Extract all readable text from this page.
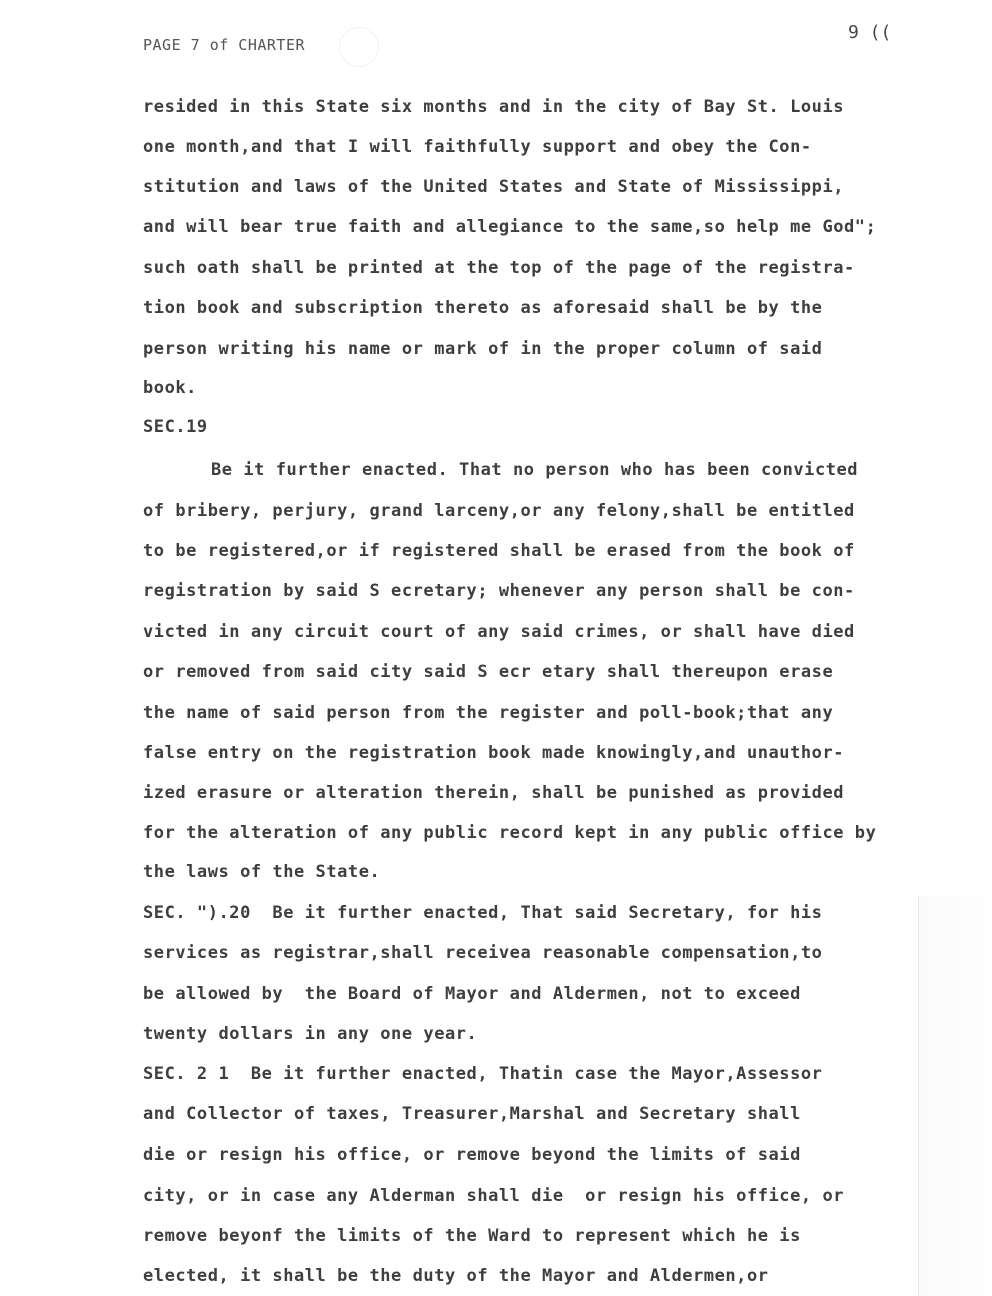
PAGE 7 of CHARTER
9 ((
resided in this State six months and in the city of Bay St. Louis
one month,and that I will faithfully support and obey the Con-
stitution and laws of the United States and State of Mississippi,
and will bear true faith and allegiance to the same,so help me God";
such oath shall be printed at the top of the page of the registra-
tion book and subscription thereto as aforesaid shall be by the
person writing his name or mark of in the proper column of said
book.
SEC.19
Be it further enacted. That no person who has been convicted
of bribery, perjury, grand larceny,or any felony,shall be entitled
to be registered,or if registered shall be erased from the book of
registration by said S ecretary; whenever any person shall be con-
victed in any circuit court of any said crimes, or shall have died
or removed from said city said S ecr etary shall thereupon erase
the name of said person from the register and poll-book;that any
false entry on the registration book made knowingly,and unauthor-
ized erasure or alteration therein, shall be punished as provided
for the alteration of any public record kept in any public office by
the laws of the State.
SEC. ").20  Be it further enacted, That said Secretary, for his
services as registrar,shall receivea reasonable compensation,to
be allowed by  the Board of Mayor and Aldermen, not to exceed
twenty dollars in any one year.
SEC. 2 1  Be it further enacted, Thatin case the Mayor,Assessor
and Collector of taxes, Treasurer,Marshal and Secretary shall
die or resign his office, or remove beyond the limits of said
city, or in case any Alderman shall die  or resign his office, or
remove beyonf the limits of the Ward to represent which he is
elected, it shall be the duty of the Mayor and Aldermen,or
